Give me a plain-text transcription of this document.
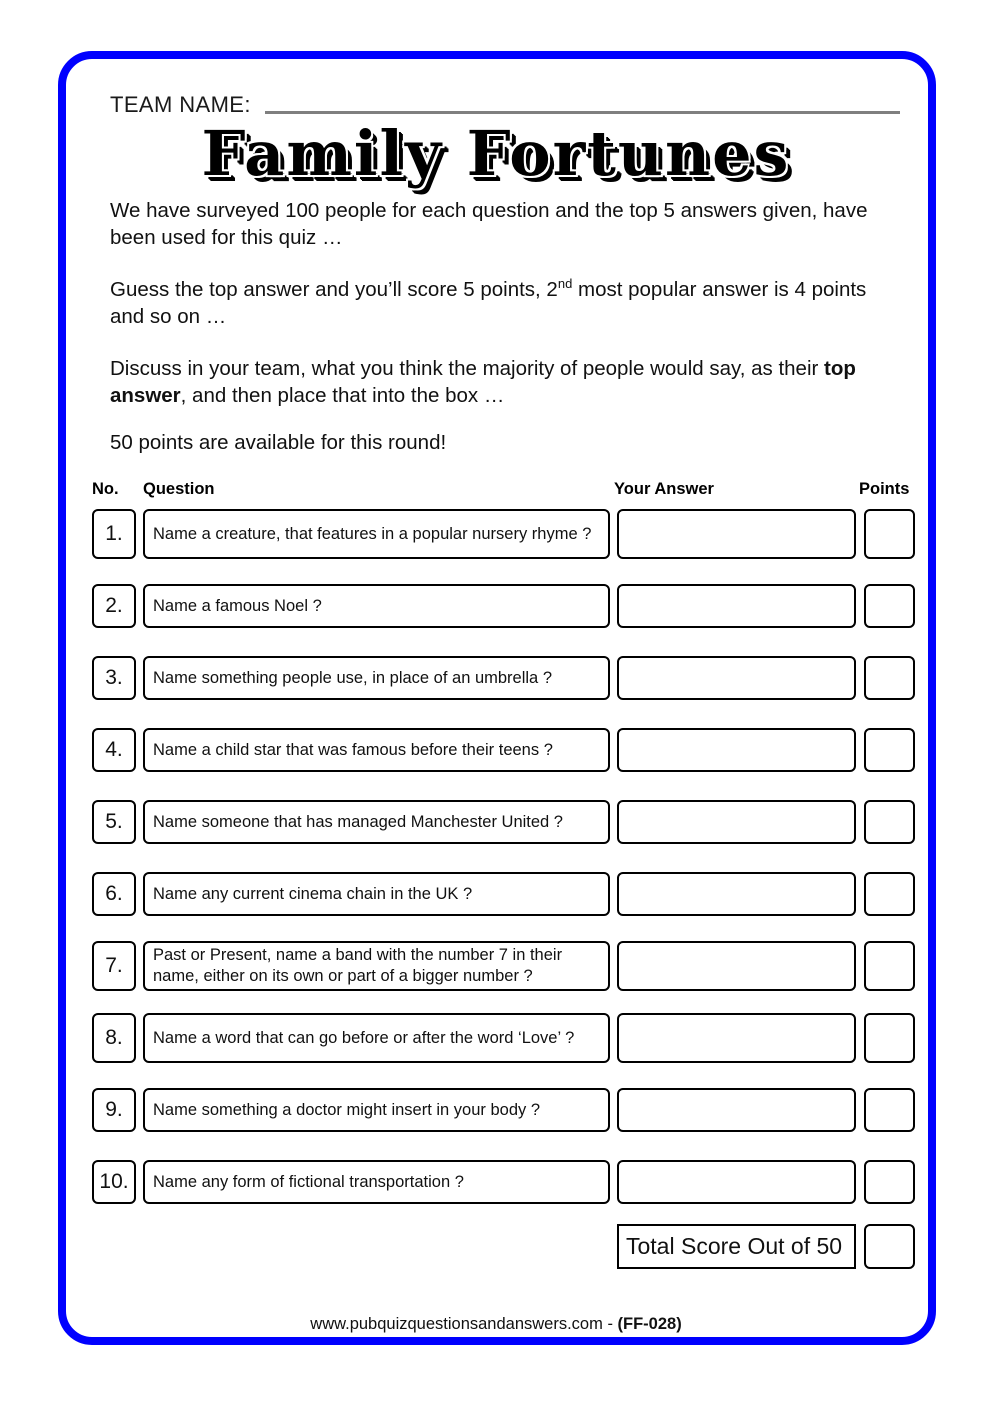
TEAM NAME:
Family Fortunes
We have surveyed 100 people for each question and the top 5 answers given, have been used for this quiz …
Guess the top answer and you’ll score 5 points, 2nd most popular answer is 4 points and so on …
Discuss in your team, what you think the majority of people would say, as their top answer, and then place that into the box …
50 points are available for this round!
No. Question	Your Answer	Points
1.	Name a creature, that features in a popular nursery rhyme ?
2.	Name a famous Noel ?
3.	Name something people use, in place of an umbrella ?
4.	Name a child star that was famous before their teens ?
5.	Name someone that has managed Manchester United ?
6.	Name any current cinema chain in the UK ?
7.	Past or Present, name a band with the number 7 in their name, either on its own or part of a bigger number ?
8.	Name a word that can go before or after the word ‘Love’ ?
9.	Name something a doctor might insert in your body ?
10.	Name any form of fictional transportation ?
Total Score Out of 50
www.pubquizquestionsandanswers.com - (FF-028)
